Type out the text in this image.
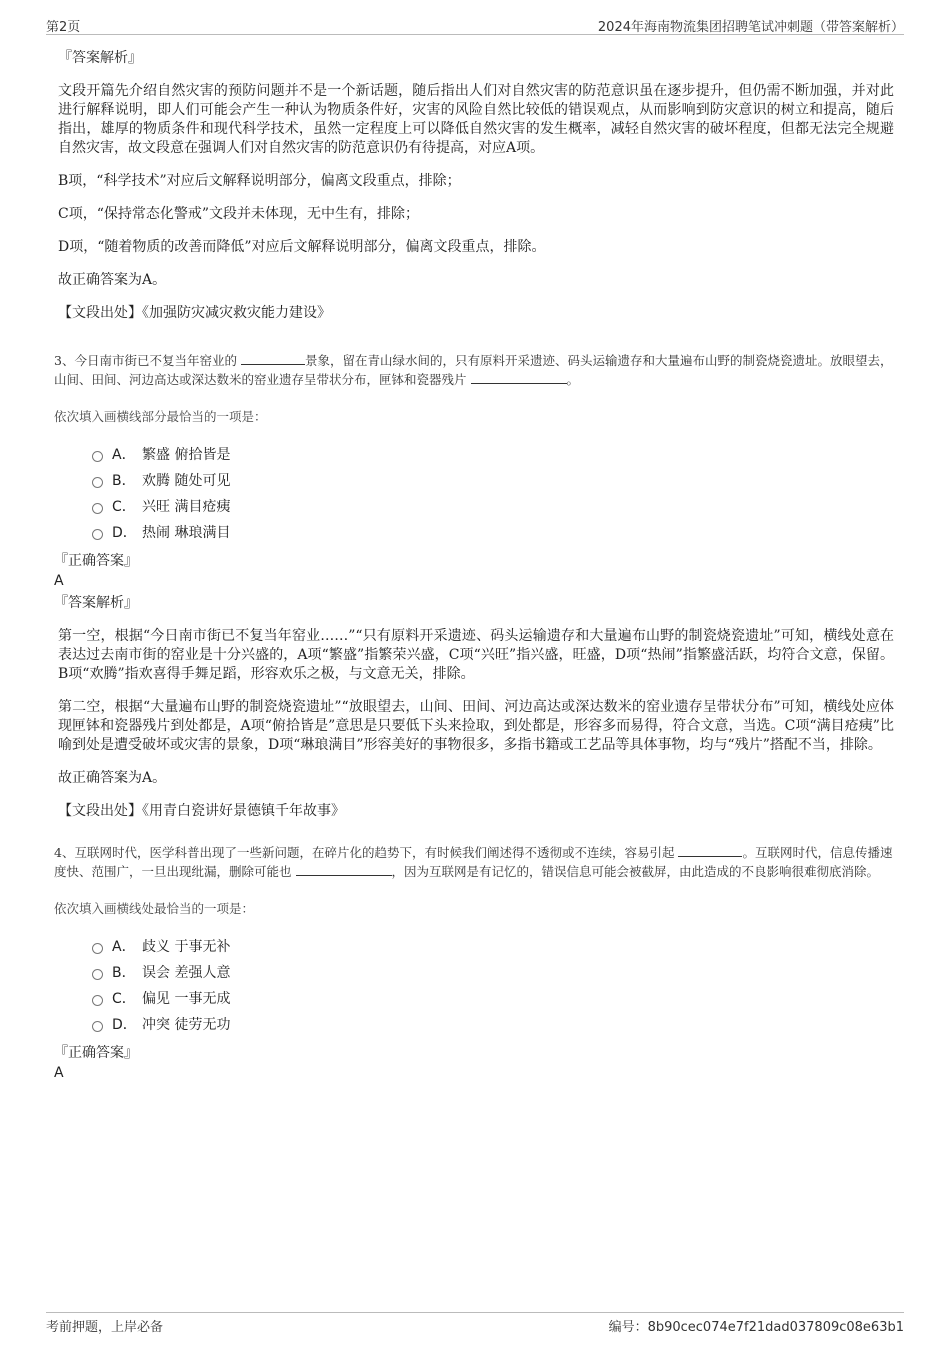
第2页	2024年海南物流集团招聘笔试冲刺题（带答案解析）
『答案解析』

文段开篇先介绍自然灾害的预防问题并不是一个新话题，随后指出人们对自然灾害的防范意识虽在逐步提升，但仍需不断加强，并对此进行解释说明，即人们可能会产生一种认为物质条件好，灾害的风险自然比较低的错误观点，从而影响到防灾意识的树立和提高，随后指出，雄厚的物质条件和现代科学技术，虽然一定程度上可以降低自然灾害的发生概率，减轻自然灾害的破坏程度，但都无法完全规避自然灾害，故文段意在强调人们对自然灾害的防范意识仍有待提高，对应A项。

B项，“科学技术”对应后文解释说明部分，偏离文段重点，排除；

C项，“保持常态化警戒”文段并未体现，无中生有，排除；

D项，“随着物质的改善而降低”对应后文解释说明部分，偏离文段重点，排除。

故正确答案为A。

【文段出处】《加强防灾减灾救灾能力建设》

3、今日南市街已不复当年窑业的	景象，留在青山绿水间的，只有原料开采遗迹、码头运输遗存和大量遍布山野的制瓷烧瓷遗址。放眼望去，山间、田间、河边高达或深达数米的窑业遗存呈带状分布，匣钵和瓷器残片	。

依次填入画横线部分最恰当的一项是：

A． 繁盛 俯拾皆是
B． 欢腾 随处可见
C． 兴旺 满目疮痍
D． 热闹 琳琅满目
『正确答案』
A
『答案解析』

第一空，根据“今日南市街已不复当年窑业……”“只有原料开采遗迹、码头运输遗存和大量遍布山野的制瓷烧瓷遗址”可知，横线处意在表达过去南市街的窑业是十分兴盛的，A项“繁盛”指繁荣兴盛，C项“兴旺”指兴盛，旺盛，D项“热闹”指繁盛活跃，均符合文意，保留。B项“欢腾”指欢喜得手舞足蹈，形容欢乐之极，与文意无关，排除。

第二空，根据“大量遍布山野的制瓷烧瓷遗址”“放眼望去，山间、田间、河边高达或深达数米的窑业遗存呈带状分布”可知，横线处应体现匣钵和瓷器残片到处都是，A项“俯拾皆是”意思是只要低下头来捡取，到处都是，形容多而易得，符合文意，当选。C项“满目疮痍”比喻到处是遭受破坏或灾害的景象，D项“琳琅满目”形容美好的事物很多，多指书籍或工艺品等具体事物，均与“残片”搭配不当，排除。

故正确答案为A。

【文段出处】《用青白瓷讲好景德镇千年故事》

4、互联网时代，医学科普出现了一些新问题，在碎片化的趋势下，有时候我们阐述得不透彻或不连续，容易引起	。互联网时代，信息传播速度快、范围广，一旦出现纰漏，删除可能也	，因为互联网是有记忆的，错误信息可能会被截屏，由此造成的不良影响很难彻底消除。

依次填入画横线处最恰当的一项是：

A． 歧义 于事无补
B． 误会 差强人意
C． 偏见 一事无成
D． 冲突 徒劳无功
『正确答案』
A
考前押题，上岸必备	编号：8b90cec074e7f21dad037809c08e63b1
